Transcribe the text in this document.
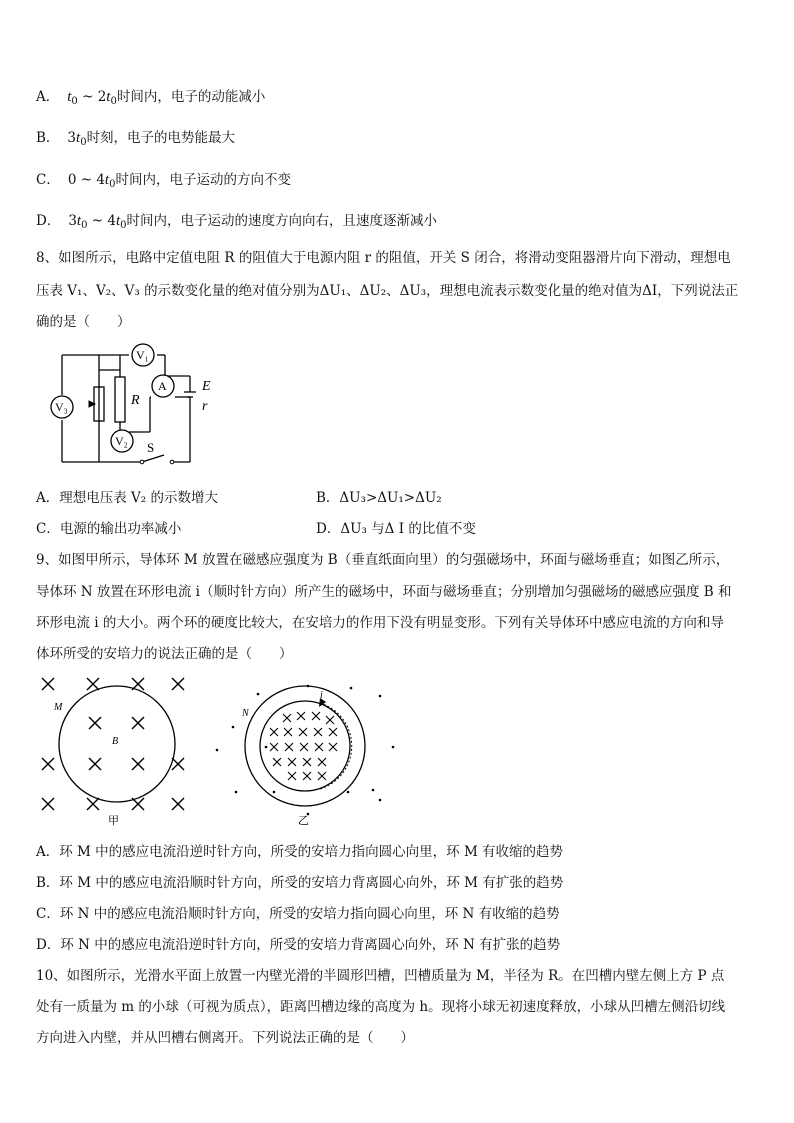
A． $t_0$ ~ $2t_0$时间内，电子的动能减小
B． $3t_0$时刻，电子的电势能最大
C． 0 ~ $4t_0$时间内，电子运动的方向不变
D． $3t_0$ ~ $4t_0$时间内，电子运动的速度方向向右，且速度逐渐减小
8、如图所示，电路中定值电阻 R 的阻值大于电源内阻 r 的阻值，开关 S 闭合，将滑动变阻器滑片向下滑动，理想电
压表 V₁、V₂、V₃ 的示数变化量的绝对值分别为ΔU₁、ΔU₂、ΔU₃，理想电流表示数变化量的绝对值为ΔI，下列说法正
确的是（　　）
V₁
A
V₃
V₂
R
E
r
S
A．理想电压表 V₂ 的示数增大	B．ΔU₃>ΔU₁>ΔU₂
C．电源的输出功率减小	D．ΔU₃ 与Δ I 的比值不变
9、如图甲所示，导体环 M 放置在磁感应强度为 B（垂直纸面向里）的匀强磁场中，环面与磁场垂直；如图乙所示，
导体环 N 放置在环形电流 i（顺时针方向）所产生的磁场中，环面与磁场垂直；分别增加匀强磁场的磁感应强度 B 和
环形电流 i 的大小。两个环的硬度比较大，在安培力的作用下没有明显变形。下列有关导体环中感应电流的方向和导
体环所受的安培力的说法正确的是（　　）
M
B
甲
N
i
乙
A．环 M 中的感应电流沿逆时针方向，所受的安培力指向圆心向里，环 M 有收缩的趋势
B．环 M 中的感应电流沿顺时针方向，所受的安培力背离圆心向外，环 M 有扩张的趋势
C．环 N 中的感应电流沿顺时针方向，所受的安培力指向圆心向里，环 N 有收缩的趋势
D．环 N 中的感应电流沿逆时针方向，所受的安培力背离圆心向外，环 N 有扩张的趋势
10、如图所示，光滑水平面上放置一内壁光滑的半圆形凹槽，凹槽质量为 M，半径为 R。在凹槽内壁左侧上方 P 点
处有一质量为 m 的小球（可视为质点），距离凹槽边缘的高度为 h。现将小球无初速度释放，小球从凹槽左侧沿切线
方向进入内壁，并从凹槽右侧离开。下列说法正确的是（　　）
